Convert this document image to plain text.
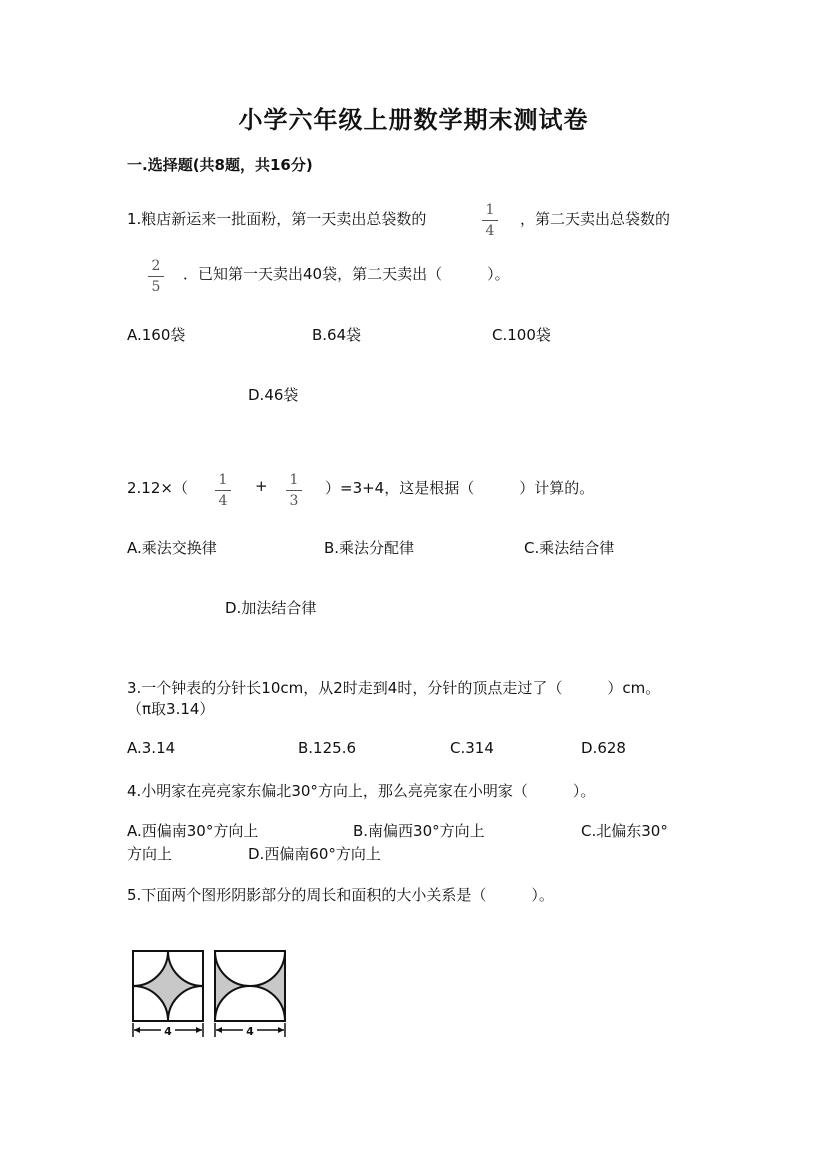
小学六年级上册数学期末测试卷
一.选择题(共8题，共16分)
1.粮店新运来一批面粉，第一天卖出总袋数的	1
4
，第二天卖出总袋数的
2
5
．已知第一天卖出40袋，第二天卖出（　　　）。
A.160袋	B.64袋	C.100袋
D.46袋
2.12×（ 1
4
+ 1
3
）=3+4，这是根据（　　　）计算的。
A.乘法交换律	B.乘法分配律	C.乘法结合律
D.加法结合律
3.一个钟表的分针长10cm，从2时走到4时，分针的顶点走过了（　　　）cm。
（π取3.14）
A.3.14	B.125.6	C.314	D.628
4.小明家在亮亮家东偏北30°方向上，那么亮亮家在小明家（　　　）。
A.西偏南30°方向上	B.南偏西30°方向上	C.北偏东30°
方向上	D.西偏南60°方向上
5.下面两个图形阴影部分的周长和面积的大小关系是（　　　）。
4	4
